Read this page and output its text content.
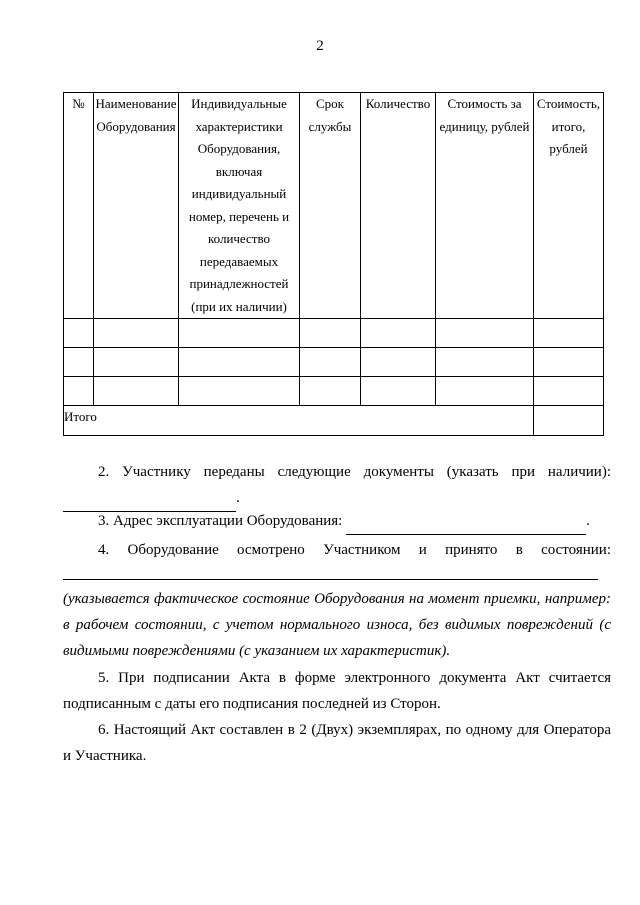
2
№	Наименование Оборудования	Индивидуальные характеристики Оборудования, включая индивидуальный номер, перечень и количество передаваемых принадлежностей (при их наличии)	Срок службы	Количество	Стоимость за единицу, рублей	Стоимость, итого, рублей

Итого						

2. Участнику переданы следующие документы (указать при наличии):

.
3. Адрес эксплуатации Оборудования:	.

4. Оборудование осмотрено Участником и принято в состоянии:

(указывается фактическое состояние Оборудования на момент приемки, например: в рабочем состоянии, с учетом нормального износа, без видимых повреждений (с видимыми повреждениями (с указанием их характеристик).

5. При подписании Акта в форме электронного документа Акт считается подписанным с даты его подписания последней из Сторон.

6. Настоящий Акт составлен в 2 (Двух) экземплярах, по одному для Оператора и Участника.
